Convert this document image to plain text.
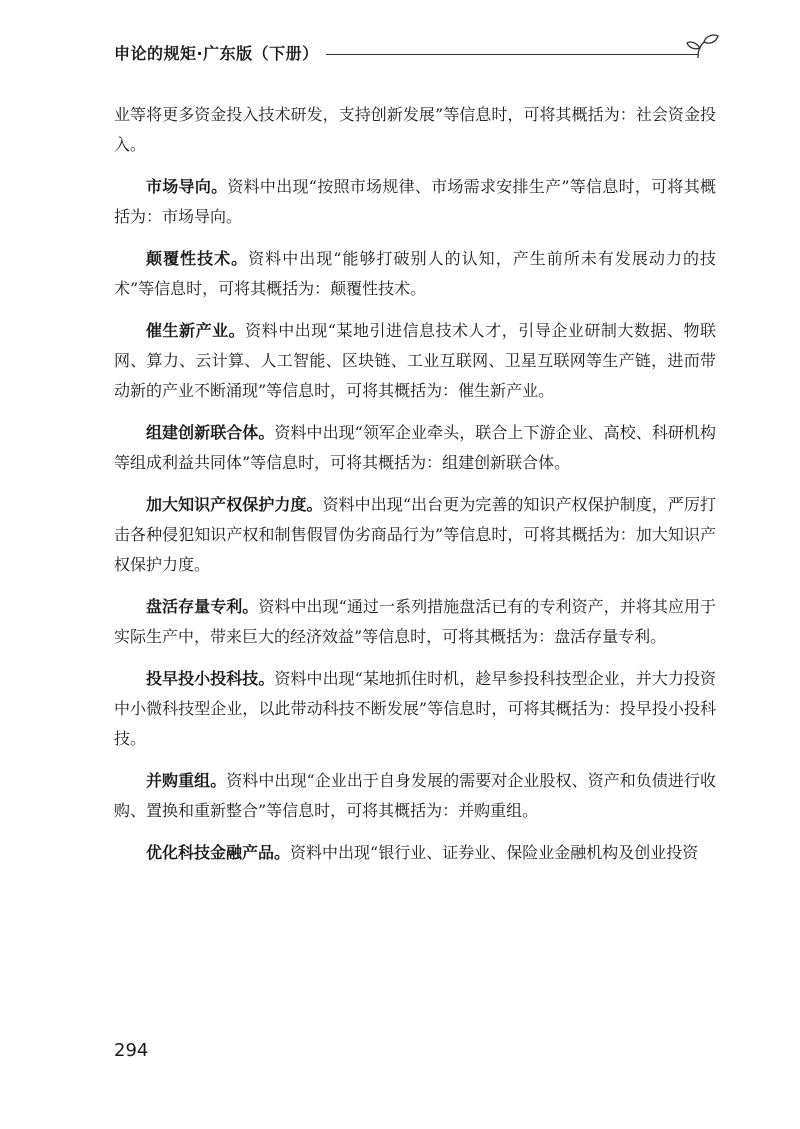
申论的规矩·广东版（下册）

业等将更多资金投入技术研发，支持创新发展”等信息时，可将其概括为：社会资金投入。

市场导向。资料中出现“按照市场规律、市场需求安排生产”等信息时，可将其概括为：市场导向。

颠覆性技术。资料中出现“能够打破别人的认知，产生前所未有发展动力的技术”等信息时，可将其概括为：颠覆性技术。

催生新产业。资料中出现“某地引进信息技术人才，引导企业研制大数据、物联网、算力、云计算、人工智能、区块链、工业互联网、卫星互联网等生产链，进而带动新的产业不断涌现”等信息时，可将其概括为：催生新产业。

组建创新联合体。资料中出现“领军企业牵头，联合上下游企业、高校、科研机构等组成利益共同体”等信息时，可将其概括为：组建创新联合体。

加大知识产权保护力度。资料中出现“出台更为完善的知识产权保护制度，严厉打击各种侵犯知识产权和制售假冒伪劣商品行为”等信息时，可将其概括为：加大知识产权保护力度。

盘活存量专利。资料中出现“通过一系列措施盘活已有的专利资产，并将其应用于实际生产中，带来巨大的经济效益”等信息时，可将其概括为：盘活存量专利。

投早投小投科技。资料中出现“某地抓住时机，趁早参投科技型企业，并大力投资中小微科技型企业，以此带动科技不断发展”等信息时，可将其概括为：投早投小投科技。

并购重组。资料中出现“企业出于自身发展的需要对企业股权、资产和负债进行收购、置换和重新整合”等信息时，可将其概括为：并购重组。

优化科技金融产品。资料中出现“银行业、证券业、保险业金融机构及创业投资

294
